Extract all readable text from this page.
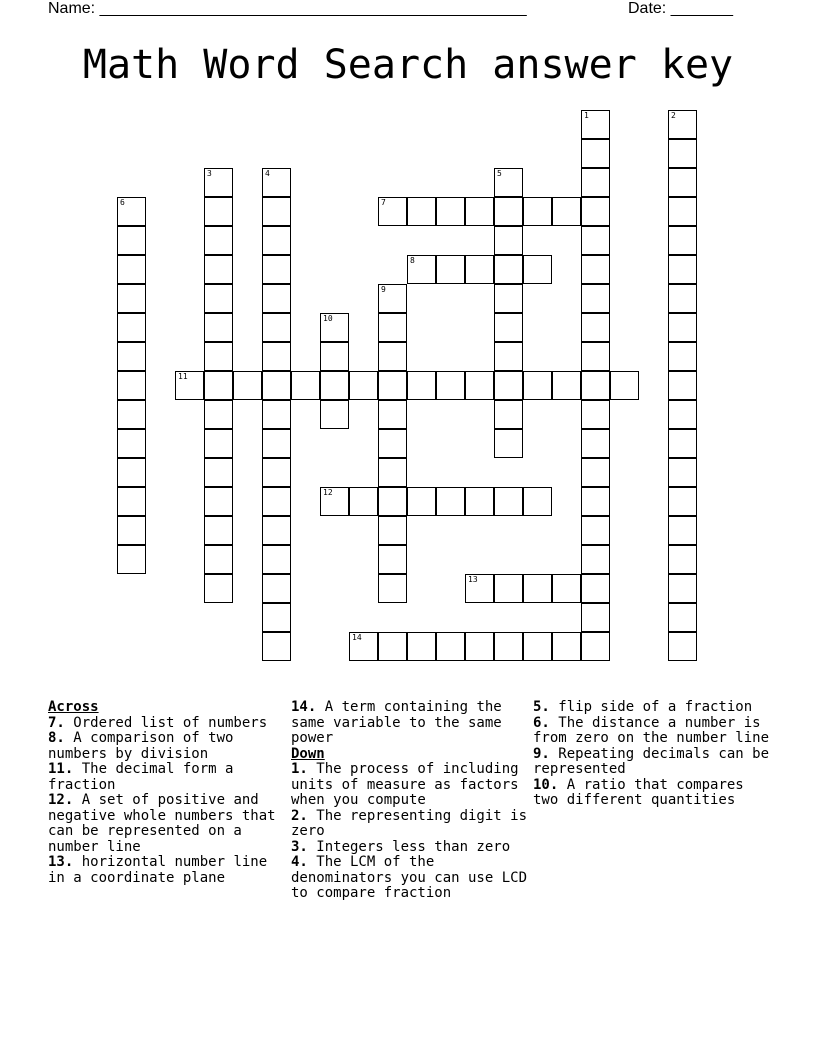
Name: ________________________________________________	Date: _______
Math Word Search answer key
1	2
3	4	5
6	7
8
9
10
11
12
13
14
Across
7. Ordered list of numbers
8. A comparison of two numbers by division
11. The decimal form a fraction
12. A set of positive and negative whole numbers that can be represented on a number line
13. horizontal number line in a coordinate plane
14. A term containing the same variable to the same power
Down
1. The process of including units of measure as factors when you compute
2. The representing digit is zero
3. Integers less than zero
4. The LCM of the denominators you can use LCD to compare fraction
5. flip side of a fraction
6. The distance a number is from zero on the number line
9. Repeating decimals can be represented
10. A ratio that compares two different quantities
